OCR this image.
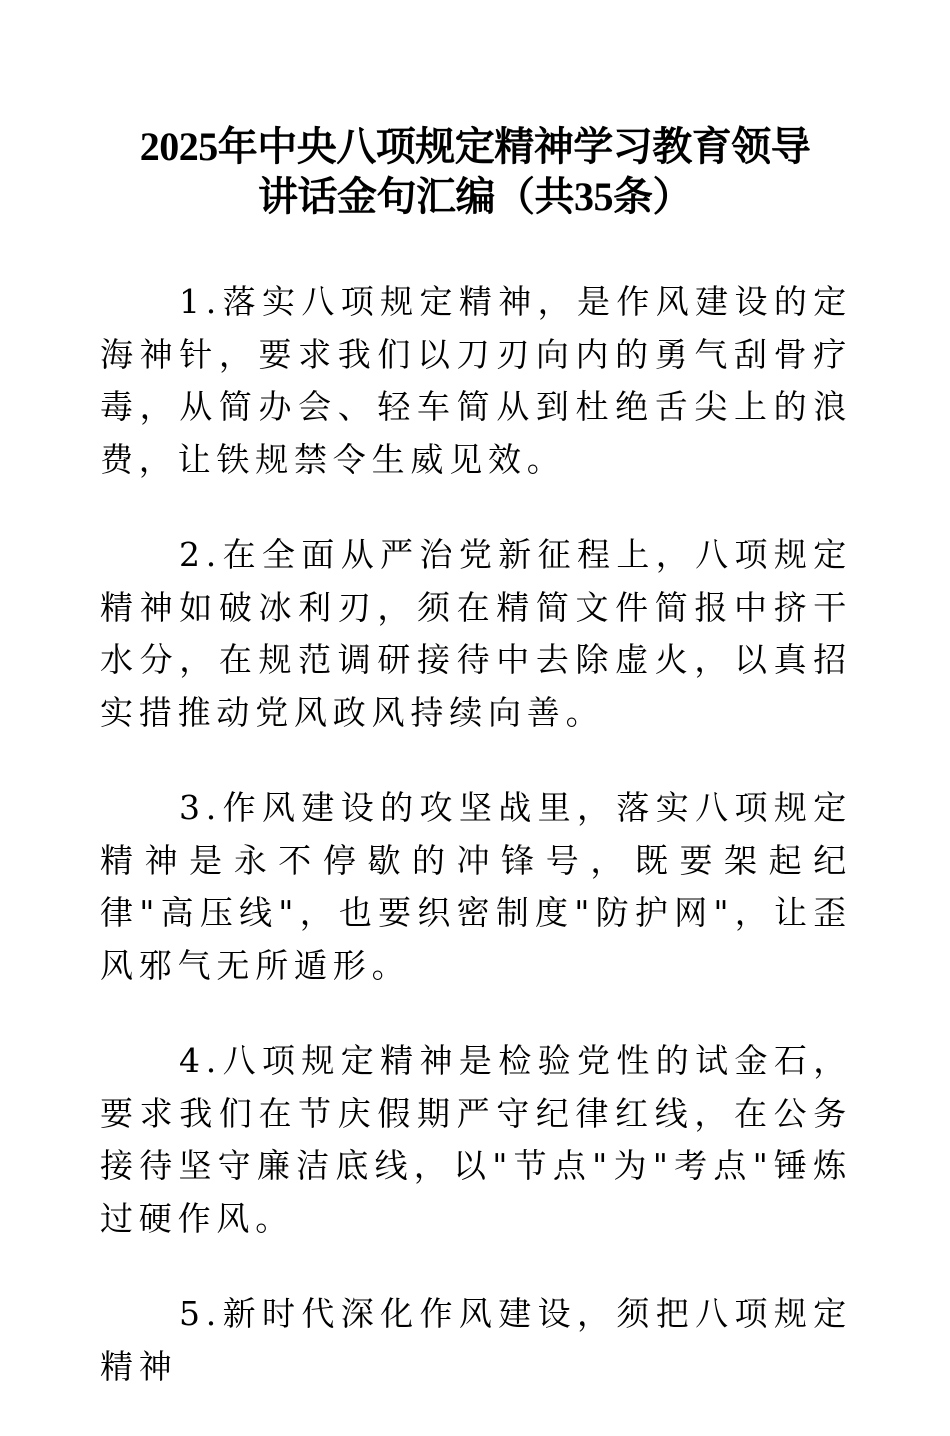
2025年中央八项规定精神学习教育领导
讲话金句汇编（共35条）

1.落实八项规定精神，是作风建设的定海神针，要求我们以刀刃向内的勇气刮骨疗毒，从简办会、轻车简从到杜绝舌尖上的浪费，让铁规禁令生威见效。

2.在全面从严治党新征程上，八项规定精神如破冰利刃，须在精简文件简报中挤干水分，在规范调研接待中去除虚火，以真招实措推动党风政风持续向善。

3.作风建设的攻坚战里，落实八项规定精神是永不停歇的冲锋号，既要架起纪律"高压线"，也要织密制度"防护网"，让歪风邪气无所遁形。

4.八项规定精神是检验党性的试金石，要求我们在节庆假期严守纪律红线，在公务接待坚守廉洁底线，以"节点"为"考点"锤炼过硬作风。

5.新时代深化作风建设，须把八项规定精神
